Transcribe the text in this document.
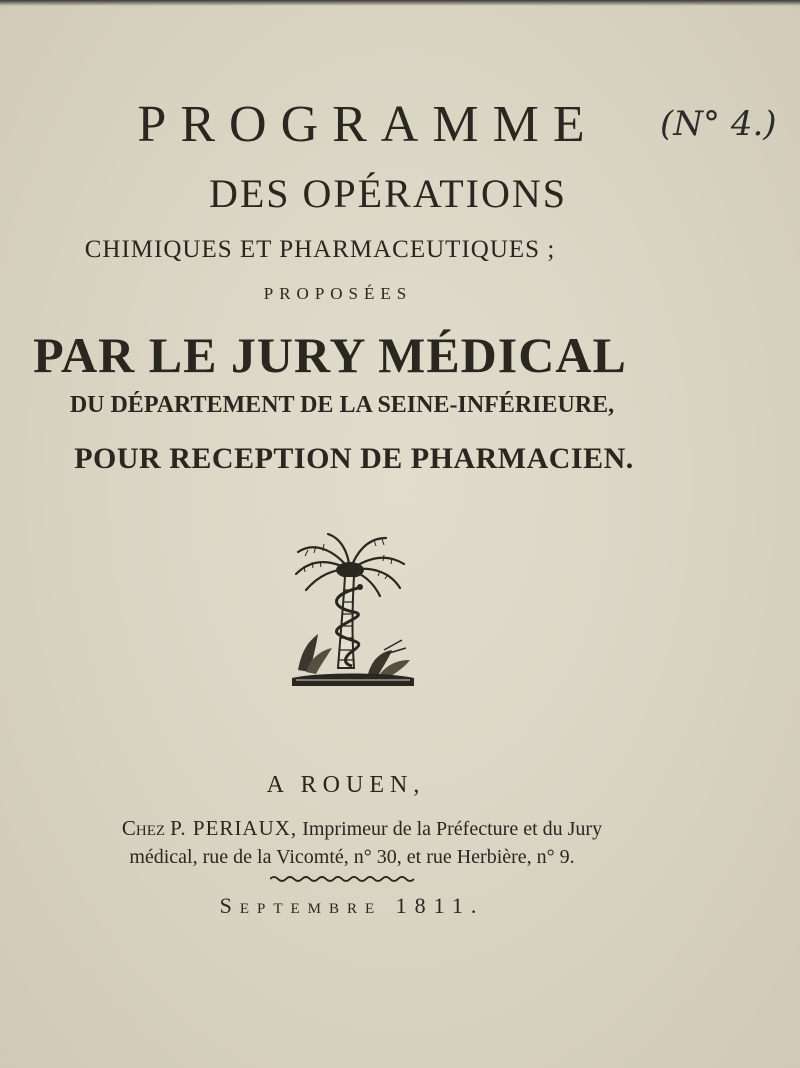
PROGRAMME	(N° 4.)
DES OPÉRATIONS
CHIMIQUES ET PHARMACEUTIQUES ;
PROPOSÉES
PAR LE JURY MÉDICAL
DU DÉPARTEMENT DE LA SEINE-INFÉRIEURE,
POUR RECEPTION DE PHARMACIEN.
A ROUEN,
Chez P. PERIAUX, Imprimeur de la Préfecture et du Jury
médical, rue de la Vicomté, n° 30, et rue Herbière, n° 9.
Septembre 1811.
